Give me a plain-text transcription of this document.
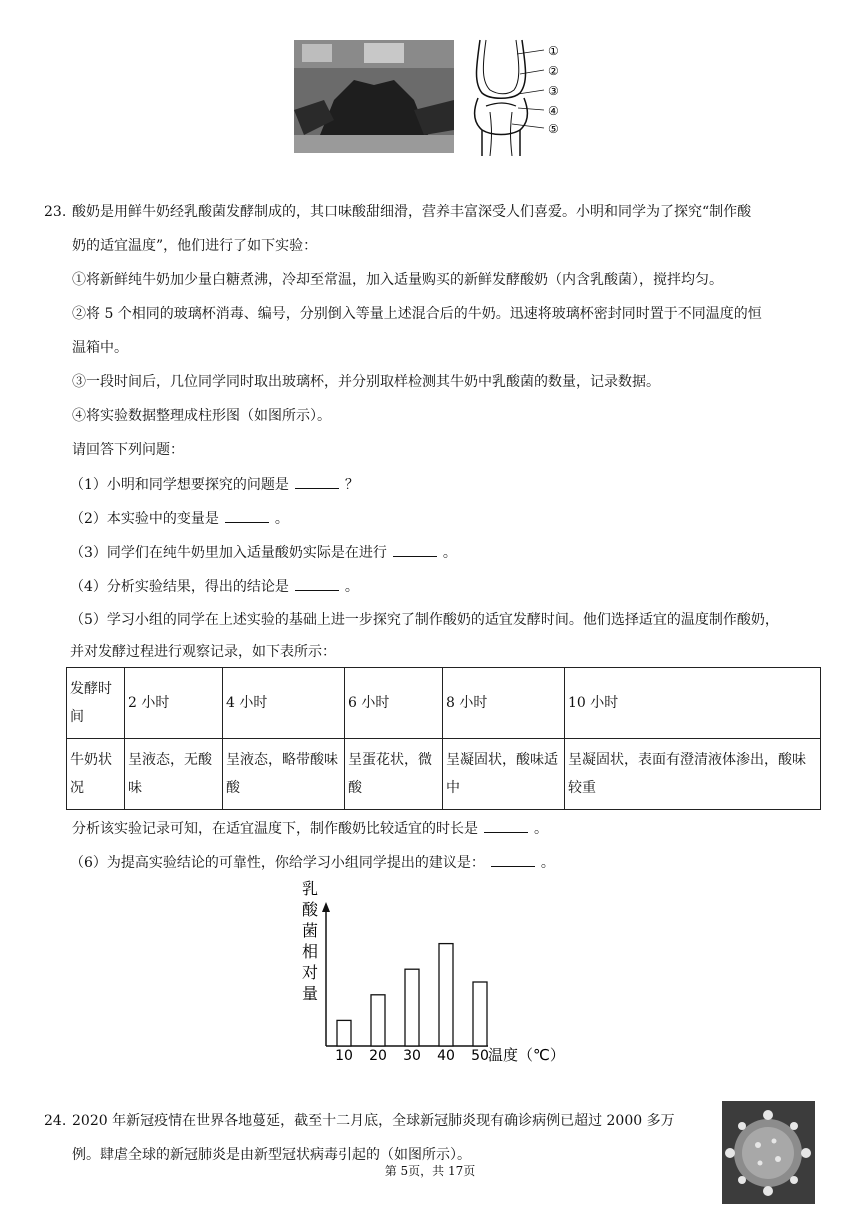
①
②
③
④
⑤
23. 酸奶是用鲜牛奶经乳酸菌发酵制成的，其口味酸甜细滑，营养丰富深受人们喜爱。小明和同学为了探究“制作酸
奶的适宜温度”，他们进行了如下实验：
①将新鲜纯牛奶加少量白糖煮沸，冷却至常温，加入适量购买的新鲜发酵酸奶（内含乳酸菌），搅拌均匀。
②将 5 个相同的玻璃杯消毒、编号，分别倒入等量上述混合后的牛奶。迅速将玻璃杯密封同时置于不同温度的恒
温箱中。
③一段时间后，几位同学同时取出玻璃杯，并分别取样检测其牛奶中乳酸菌的数量，记录数据。
④将实验数据整理成柱形图（如图所示）。
请回答下列问题：
（1）小明和同学想要探究的问题是	？
（2）本实验中的变量是	。
（3）同学们在纯牛奶里加入适量酸奶实际是在进行	。
（4）分析实验结果，得出的结论是	。
（5）学习小组的同学在上述实验的基础上进一步探究了制作酸奶的适宜发酵时间。他们选择适宜的温度制作酸奶，
并对发酵过程进行观察记录，如下表所示：
发酵时间	2 小时	4 小时	6 小时	8 小时	10 小时
牛奶状况	呈液态，无酸味	呈液态，略带酸味酸	呈蛋花状，微酸	呈凝固状，酸味适中	呈凝固状，表面有澄清液体渗出，酸味较重
分析该实验记录可知，在适宜温度下，制作酸奶比较适宜的时长是	。
（6）为提高实验结论的可靠性，你给学习小组同学提出的建议是：	。
乳
酸
菌
相
对
量
10 20 30 40 50 温度（℃）
24. 2020 年新冠疫情在世界各地蔓延，截至十二月底，全球新冠肺炎现有确诊病例已超过 2000 多万
例。肆虐全球的新冠肺炎是由新型冠状病毒引起的（如图所示）。
第 5页，共 17页
